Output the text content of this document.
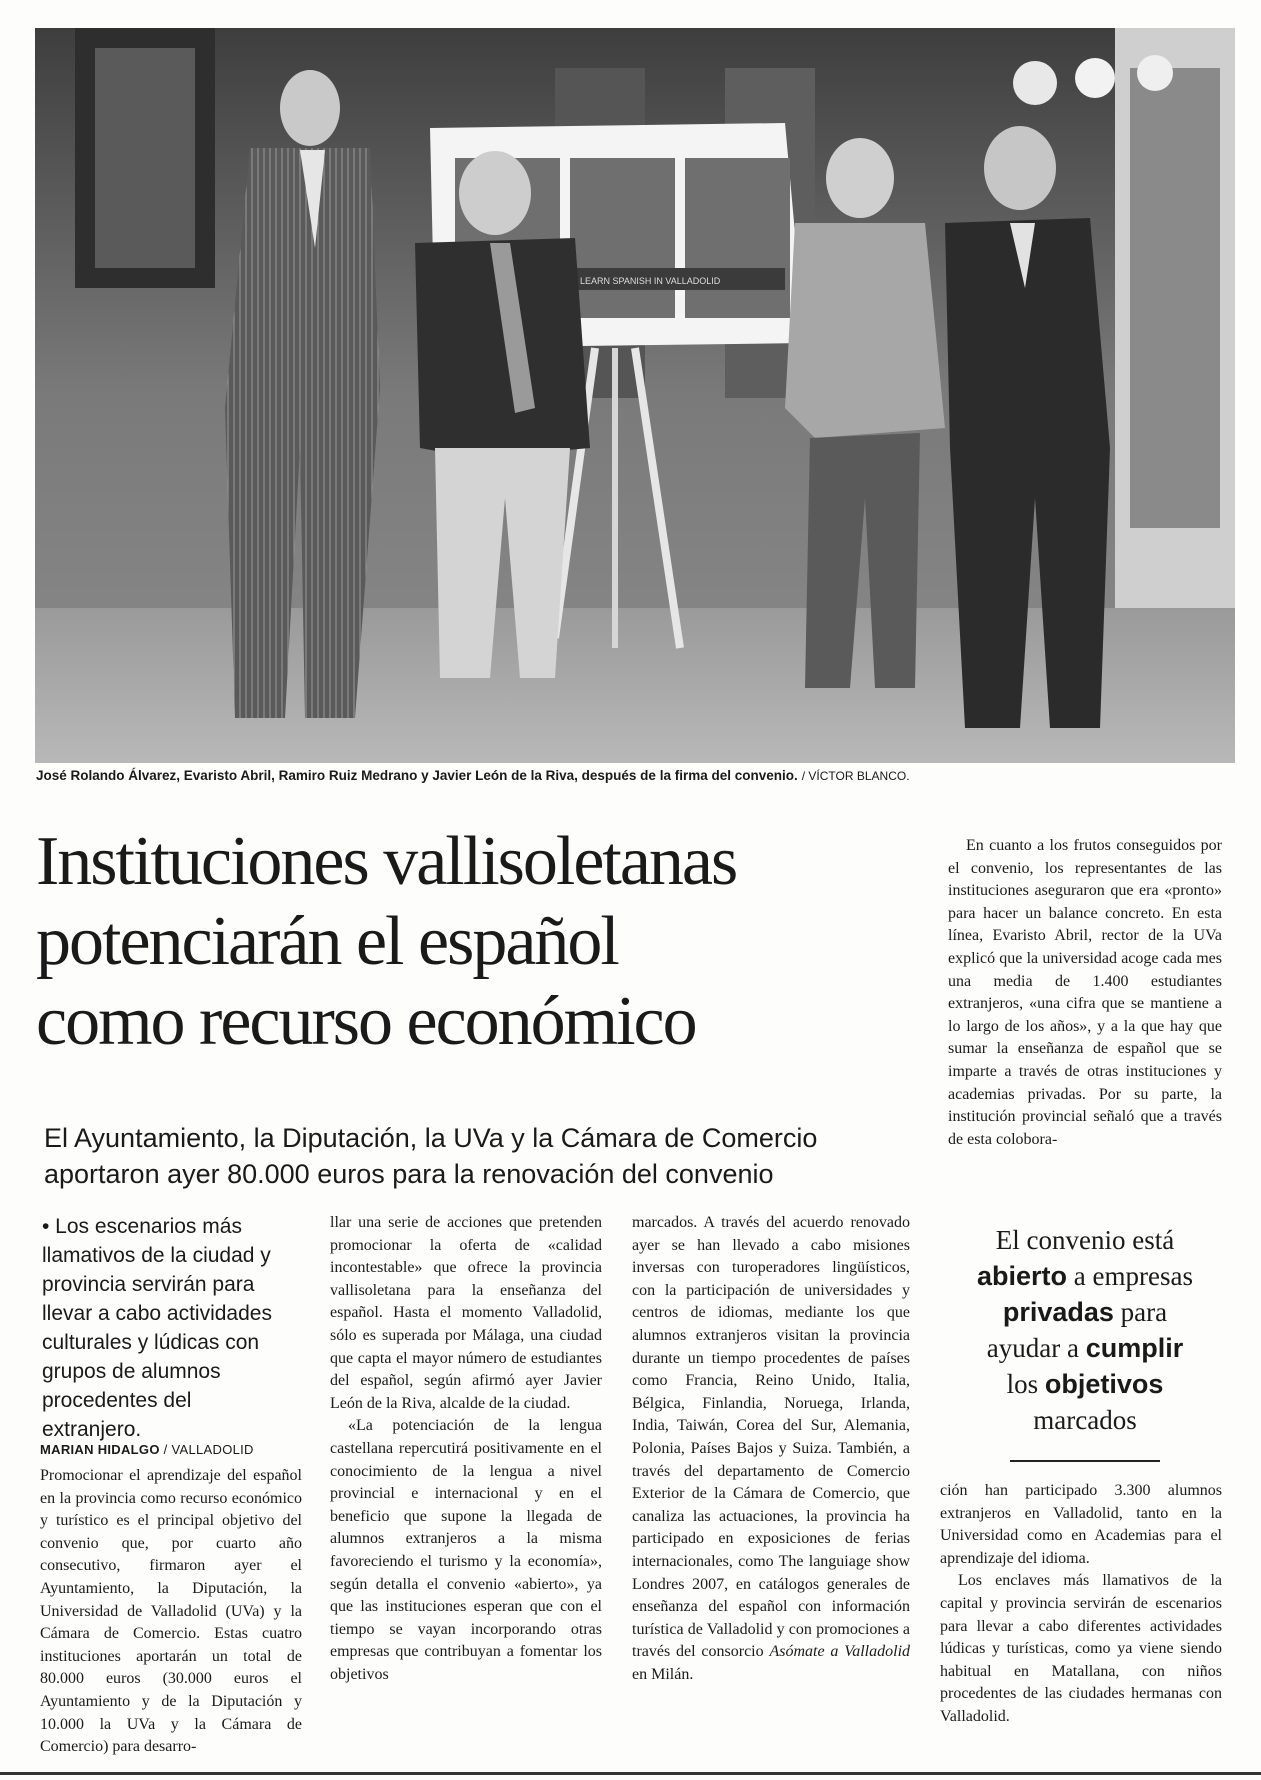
LEARN SPANISH IN VALLADOLID
José Rolando Álvarez, Evaristo Abril, Ramiro Ruiz Medrano y Javier León de la Riva, después de la firma del convenio. / VÍCTOR BLANCO.
Instituciones vallisoletanas
potenciarán el español
como recurso económico
El Ayuntamiento, la Diputación, la UVa y la Cámara de Comercio
aportaron ayer 80.000 euros para la renovación del convenio

En cuanto a los frutos conseguidos por el convenio, los representantes de las instituciones aseguraron que era «pronto» para hacer un balance concreto. En esta línea, Evaristo Abril, rector de la UVa explicó que la universidad acoge cada mes una media de 1.400 estudiantes extranjeros, «una cifra que se mantiene a lo largo de los años», y a la que hay que sumar la enseñanza de español que se imparte a través de otras instituciones y academias privadas. Por su parte, la institución provincial señaló que a través de esta colobora-

• Los escenarios más llamativos de la ciudad y provincia servirán para llevar a cabo actividades culturales y lúdicas con grupos de alumnos procedentes del extranjero.
MARIAN HIDALGO / VALLADOLID

Promocionar el aprendizaje del español en la provincia como recurso económico y turístico es el principal objetivo del convenio que, por cuarto año consecutivo, firmaron ayer el Ayuntamiento, la Diputación, la Universidad de Valladolid (UVa) y la Cámara de Comercio. Estas cuatro instituciones aportarán un total de 80.000 euros (30.000 euros el Ayuntamiento y de la Diputación y 10.000 la UVa y la Cámara de Comercio) para desarro-

llar una serie de acciones que pretenden promocionar la oferta de «calidad incontestable» que ofrece la provincia vallisoletana para la enseñanza del español. Hasta el momento Valladolid, sólo es superada por Málaga, una ciudad que capta el mayor número de estudiantes del español, según afirmó ayer Javier León de la Riva, alcalde de la ciudad.

«La potenciación de la lengua castellana repercutirá positivamente en el conocimiento de la lengua a nivel provincial e internacional y en el beneficio que supone la llegada de alumnos extranjeros a la misma favoreciendo el turismo y la economía», según detalla el convenio «abierto», ya que las instituciones esperan que con el tiempo se vayan incorporando otras empresas que contribuyan a fomentar los objetivos

marcados. A través del acuerdo renovado ayer se han llevado a cabo misiones inversas con turoperadores lingüísticos, con la participación de universidades y centros de idiomas, mediante los que alumnos extranjeros visitan la provincia durante un tiempo procedentes de países como Francia, Reino Unido, Italia, Bélgica, Finlandia, Noruega, Irlanda, India, Taiwán, Corea del Sur, Alemania, Polonia, Países Bajos y Suiza. También, a través del departamento de Comercio Exterior de la Cámara de Comercio, que canaliza las actuaciones, la provincia ha participado en exposiciones de ferias internacionales, como The languiage show Londres 2007, en catálogos generales de enseñanza del español con información turística de Valladolid y con promociones a través del consorcio Asómate a Valladolid en Milán.

El convenio está
abierto a empresas
privadas para
ayudar a cumplir
los objetivos
marcados

ción han participado 3.300 alumnos extranjeros en Valladolid, tanto en la Universidad como en Academias para el aprendizaje del idioma.

Los enclaves más llamativos de la capital y provincia servirán de escenarios para llevar a cabo diferentes actividades lúdicas y turísticas, como ya viene siendo habitual en Matallana, con niños procedentes de las ciudades hermanas con Valladolid.
